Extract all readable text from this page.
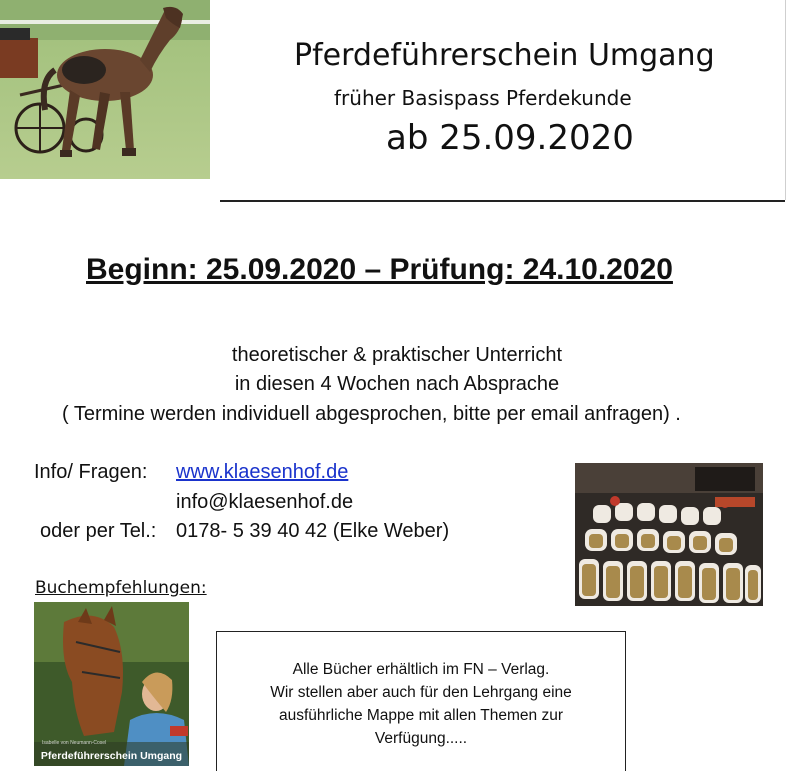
Pferdeführerschein Umgang
früher Basispass Pferdekunde
ab 25.09.2020
Beginn: 25.09.2020 – Prüfung: 24.10.2020
theoretischer & praktischer Unterricht
in diesen 4 Wochen nach Absprache
( Termine werden individuell abgesprochen, bitte per email anfragen) .
Info/ Fragen: www.klaesenhof.de
info@klaesenhof.de
oder per Tel.: 0178- 5 39 40 42 (Elke Weber)
Buchempfehlungen:
Isabelle von Neumann-Cosel
Pferdeführerschein Umgang
Alle Bücher erhältlich im FN – Verlag.
Wir stellen aber auch für den Lehrgang eine
ausführliche Mappe mit allen Themen zur
Verfügung.....
